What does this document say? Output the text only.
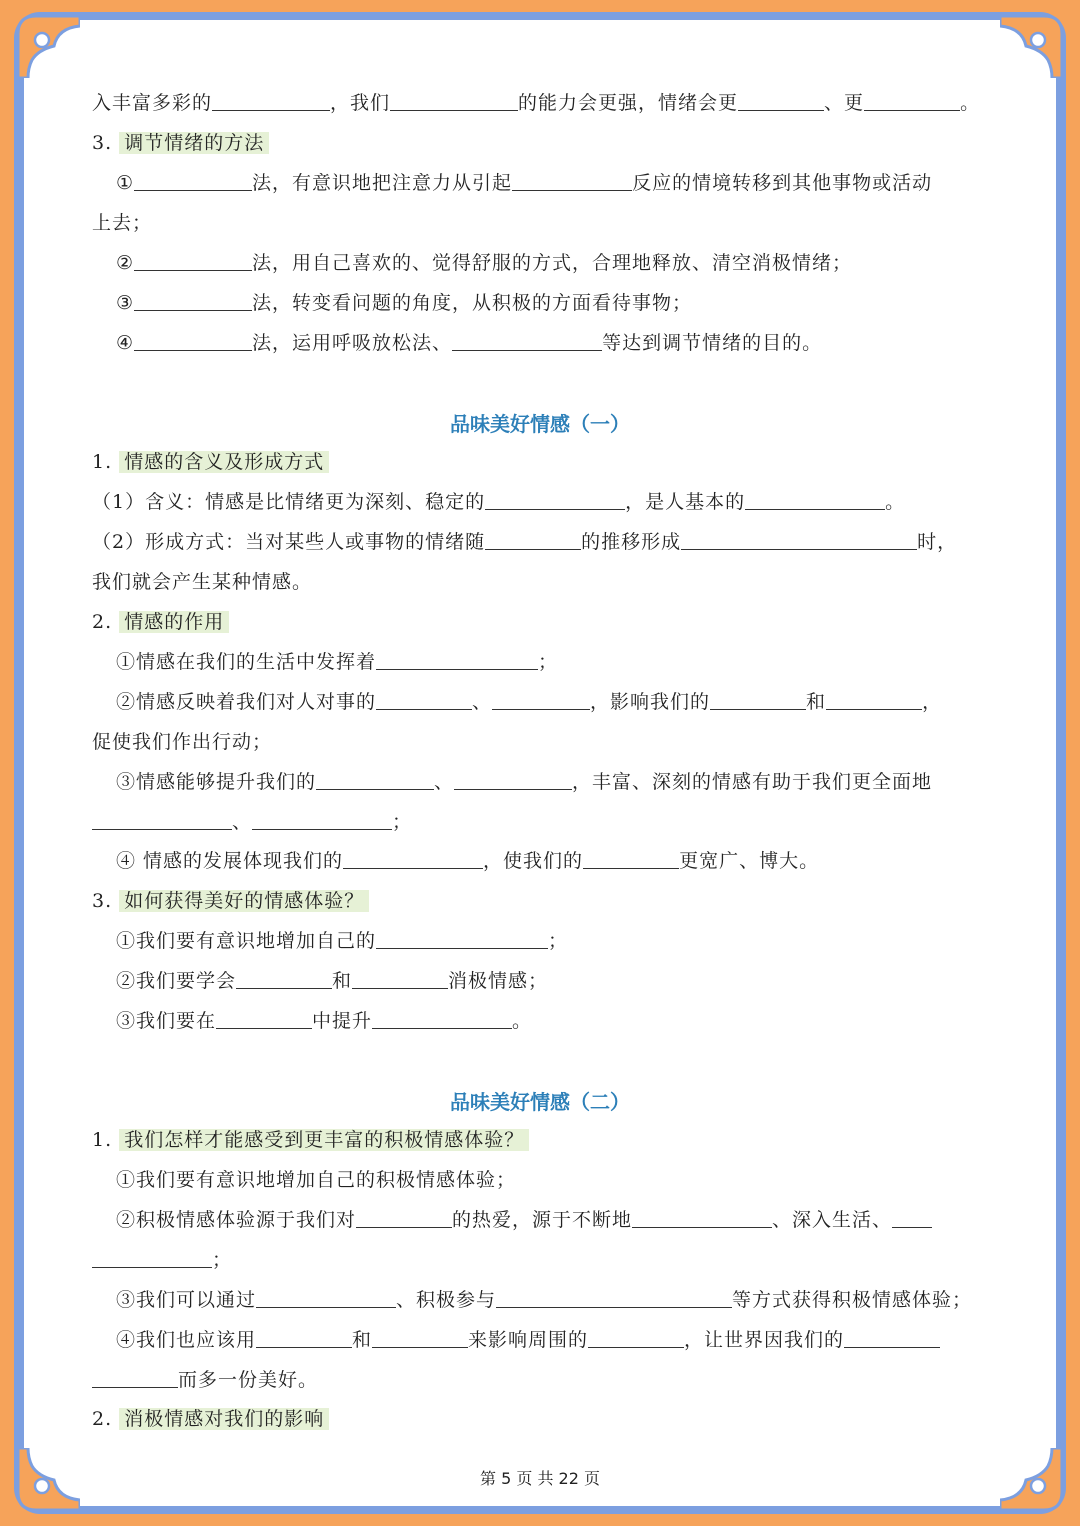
入丰富多彩的	，我们	的能力会更强，情绪会更	、更	。
3. 调节情绪的方法
①	法，有意识地把注意力从引起	反应的情境转移到其他事物或活动
上去；
②	法，用自己喜欢的、觉得舒服的方式，合理地释放、清空消极情绪；
③	法，转变看问题的角度，从积极的方面看待事物；
④	法，运用呼吸放松法、	等达到调节情绪的目的。
品味美好情感（一）
1. 情感的含义及形成方式
（1）含义：情感是比情绪更为深刻、稳定的	，是人基本的	。
（2）形成方式：当对某些人或事物的情绪随	的推移形成	时，
我们就会产生某种情感。
2. 情感的作用
①情感在我们的生活中发挥着	；
②情感反映着我们对人对事的	、	，影响我们的	和	，
促使我们作出行动；
③情感能够提升我们的	、	，丰富、深刻的情感有助于我们更全面地
、	；
④ 情感的发展体现我们的	，使我们的	更宽广、博大。
3. 如何获得美好的情感体验？
①我们要有意识地增加自己的	；
②我们要学会	和	消极情感；
③我们要在	中提升	。
品味美好情感（二）
1. 我们怎样才能感受到更丰富的积极情感体验？
①我们要有意识地增加自己的积极情感体验；
②积极情感体验源于我们对	的热爱，源于不断地	、深入生活、
；
③我们可以通过	、积极参与	等方式获得积极情感体验；
④我们也应该用	和	来影响周围的	，让世界因我们的
而多一份美好。
2. 消极情感对我们的影响
第 5 页 共 22 页
